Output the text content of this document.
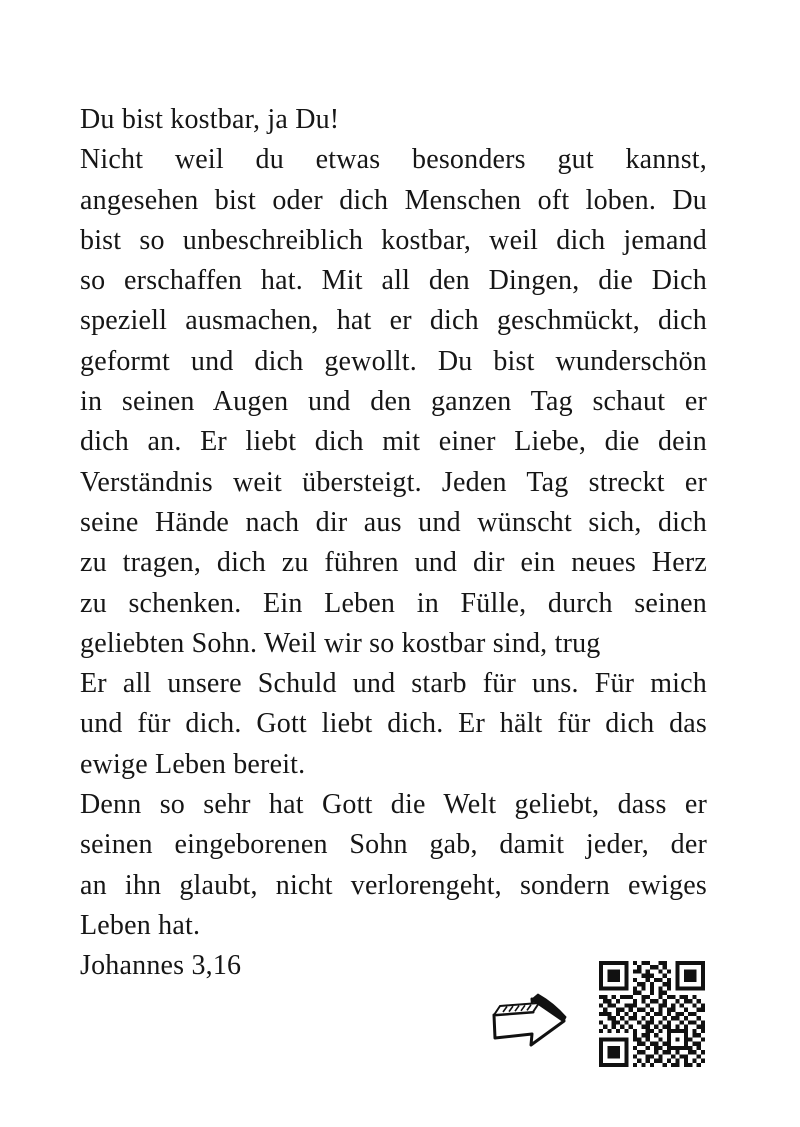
Du bist kostbar, ja Du!
Nicht weil du etwas besonders gut kannst,
angesehen bist oder dich Menschen oft loben. Du
bist so unbeschreiblich kostbar, weil dich jemand
so erschaffen hat. Mit all den Dingen, die Dich
speziell ausmachen, hat er dich geschmückt, dich
geformt und dich gewollt. Du bist wunderschön
in seinen Augen und den ganzen Tag schaut er
dich an. Er liebt dich mit einer Liebe, die dein
Verständnis weit übersteigt. Jeden Tag streckt er
seine Hände nach dir aus und wünscht sich, dich
zu tragen, dich zu führen und dir ein neues Herz
zu schenken. Ein Leben in Fülle, durch seinen
geliebten Sohn. Weil wir so kostbar sind, trug
Er all unsere Schuld und starb für uns. Für mich
und für dich. Gott liebt dich. Er hält für dich das
ewige Leben bereit.
Denn so sehr hat Gott die Welt geliebt, dass er
seinen eingeborenen Sohn gab, damit jeder, der
an ihn glaubt, nicht verlorengeht, sondern ewiges
Leben hat.
Johannes 3,16
